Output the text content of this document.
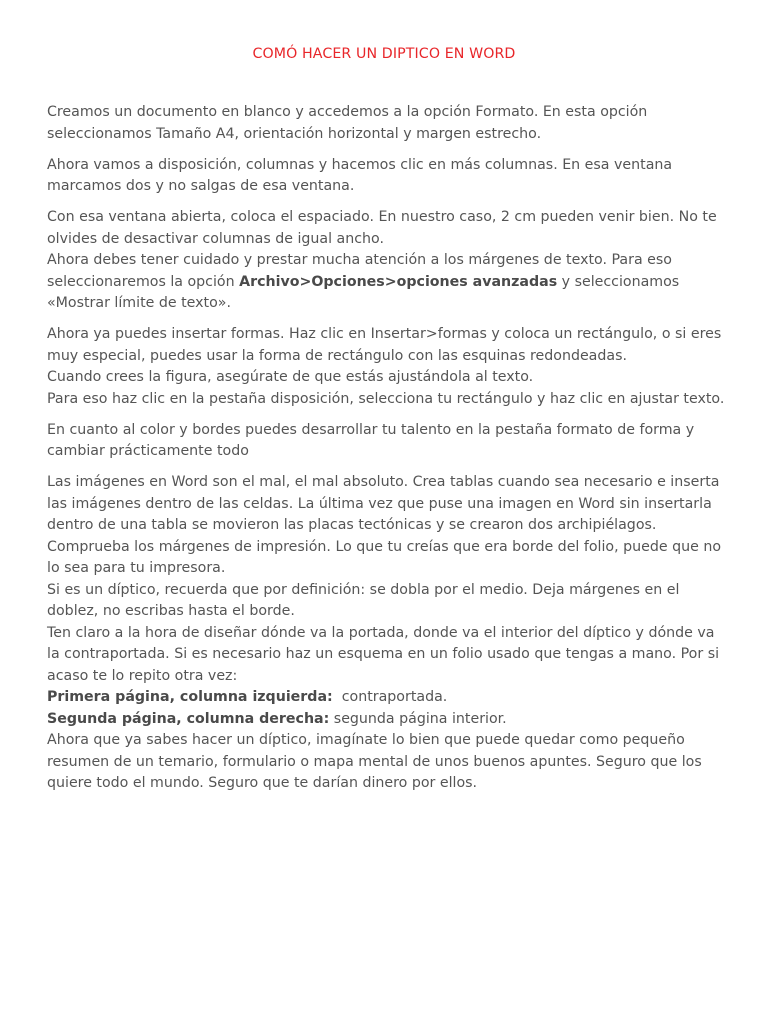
COMÓ HACER UN DIPTICO EN WORD

Creamos un documento en blanco y accedemos a la opción Formato. En esta opción seleccionamos Tamaño A4, orientación horizontal y margen estrecho.

Ahora vamos a disposición, columnas y hacemos clic en más columnas. En esa ventana marcamos dos y no salgas de esa ventana.

Con esa ventana abierta, coloca el espaciado. En nuestro caso, 2 cm pueden venir bien. No te olvides de desactivar columnas de igual ancho.
Ahora debes tener cuidado y prestar mucha atención a los márgenes de texto. Para eso seleccionaremos la opción Archivo>Opciones>opciones avanzadas y seleccionamos «Mostrar límite de texto».

Ahora ya puedes insertar formas. Haz clic en Insertar>formas y coloca un rectángulo, o si eres muy especial, puedes usar la forma de rectángulo con las esquinas redondeadas.
Cuando crees la figura, asegúrate de que estás ajustándola al texto.
Para eso haz clic en la pestaña disposición, selecciona tu rectángulo y haz clic en ajustar texto.

En cuanto al color y bordes puedes desarrollar tu talento en la pestaña formato de forma y cambiar prácticamente todo

Las imágenes en Word son el mal, el mal absoluto. Crea tablas cuando sea necesario e inserta las imágenes dentro de las celdas. La última vez que puse una imagen en Word sin insertarla dentro de una tabla se movieron las placas tectónicas y se crearon dos archipiélagos.
Comprueba los márgenes de impresión. Lo que tu creías que era borde del folio, puede que no lo sea para tu impresora.
Si es un díptico, recuerda que por definición: se dobla por el medio. Deja márgenes en el doblez, no escribas hasta el borde.
Ten claro a la hora de diseñar dónde va la portada, donde va el interior del díptico y dónde va la contraportada. Si es necesario haz un esquema en un folio usado que tengas a mano. Por si acaso te lo repito otra vez:
Primera página, columna izquierda:  contraportada.
Segunda página, columna derecha: segunda página interior.
Ahora que ya sabes hacer un díptico, imagínate lo bien que puede quedar como pequeño resumen de un temario, formulario o mapa mental de unos buenos apuntes. Seguro que los quiere todo el mundo. Seguro que te darían dinero por ellos.
